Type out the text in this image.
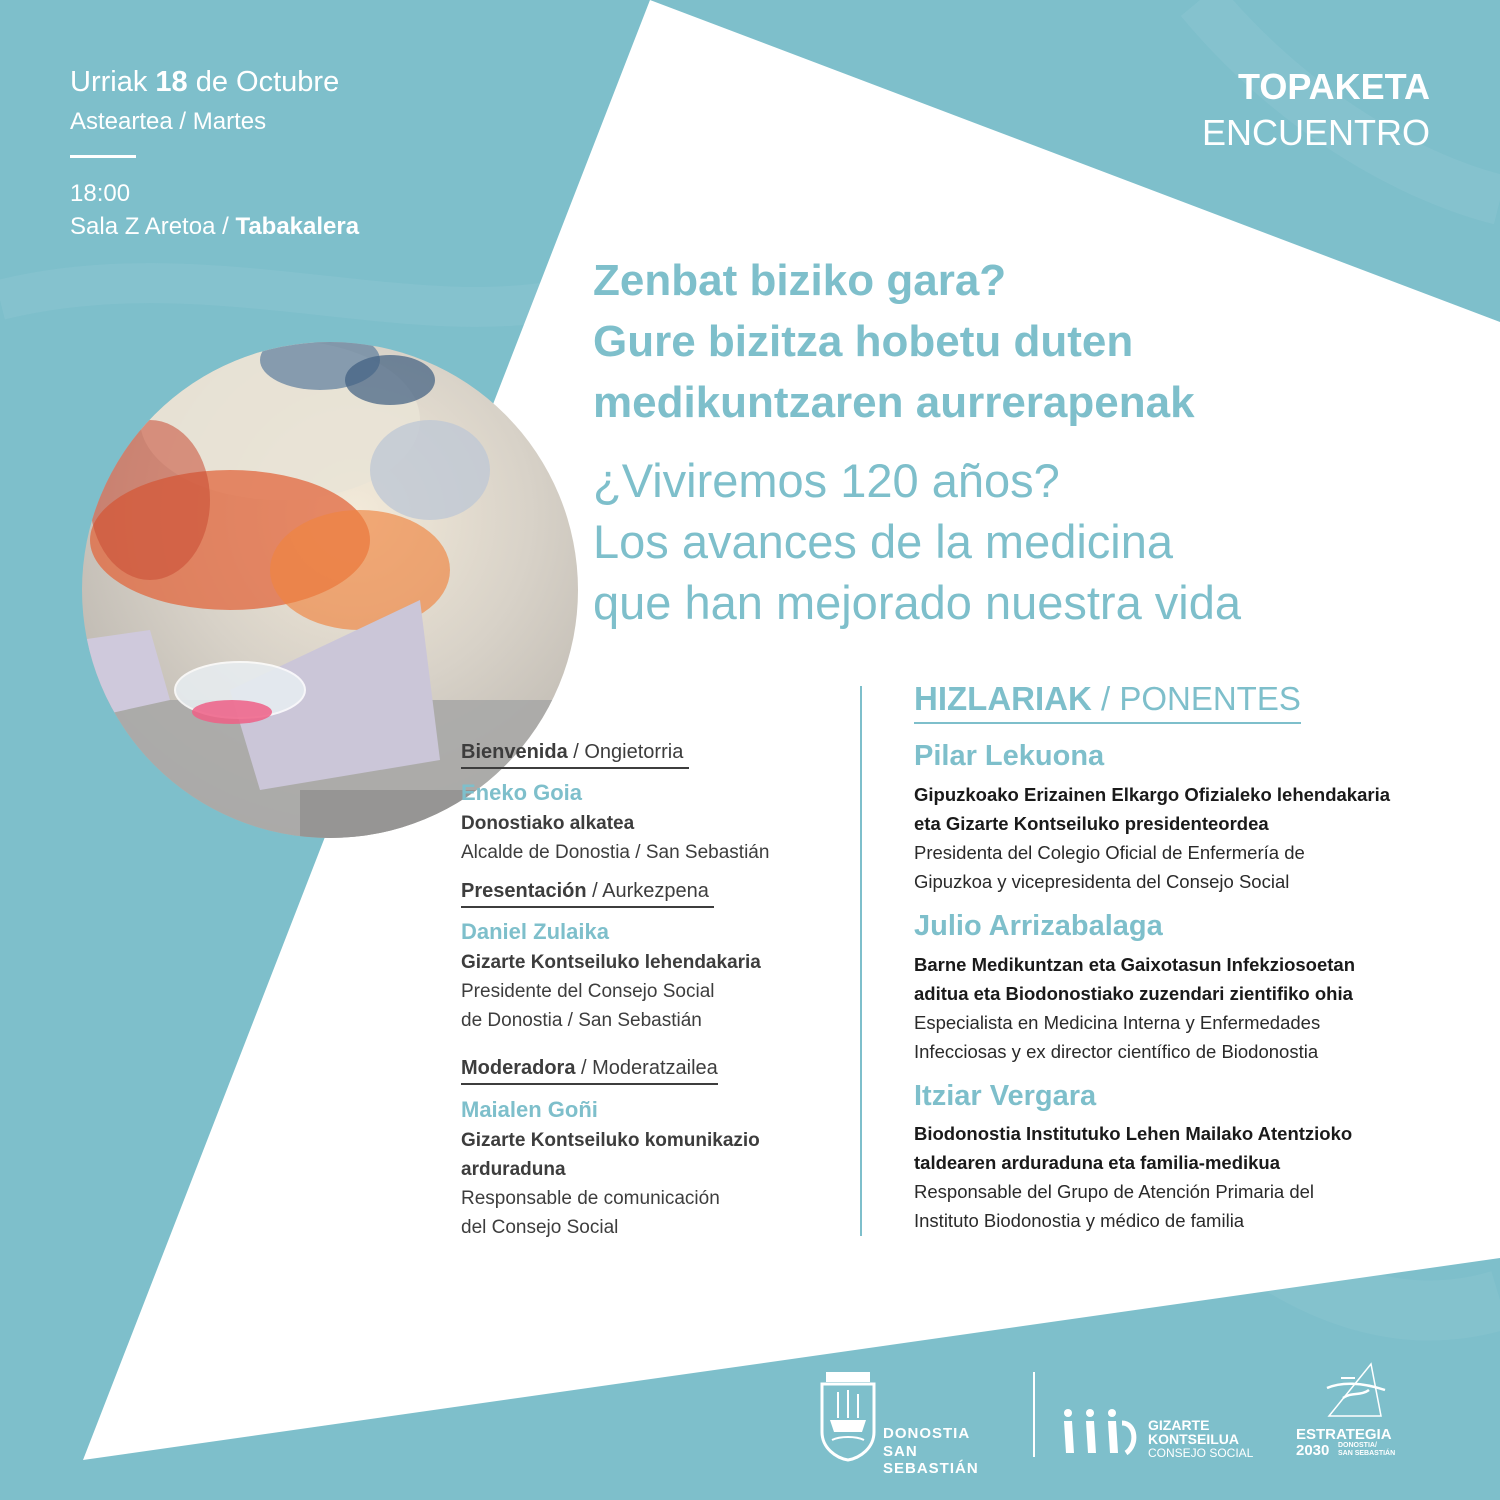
Urriak 18 de Octubre
Asteartea / Martes
18:00
Sala Z Aretoa / Tabakalera
TOPAKETA
ENCUENTRO
Zenbat biziko gara?
Gure bizitza hobetu duten
medikuntzaren aurrerapenak
¿Viviremos 120 años?
Los avances de la medicina
que han mejorado nuestra vida
Bienvenida / Ongietorria
Eneko Goia
Donostiako alkatea
Alcalde de Donostia / San Sebastián
Presentación / Aurkezpena
Daniel Zulaika
Gizarte Kontseiluko lehendakaria
Presidente del Consejo Social
de Donostia / San Sebastián
Moderadora / Moderatzailea
Maialen Goñi
Gizarte Kontseiluko komunikazio
arduraduna
Responsable de comunicación
del Consejo Social
HIZLARIAK / PONENTES
Pilar Lekuona
Gipuzkoako Erizainen Elkargo Ofizialeko lehendakaria
eta Gizarte Kontseiluko presidenteordea
Presidenta del Colegio Oficial de Enfermería de
Gipuzkoa y vicepresidenta del Consejo Social
Julio Arrizabalaga
Barne Medikuntzan eta Gaixotasun Infekziosoetan
aditua eta Biodonostiako zuzendari zientifiko ohia
Especialista en Medicina Interna y Enfermedades
Infecciosas y ex director científico de Biodonostia
Itziar Vergara
Biodonostia Institutuko Lehen Mailako Atentzioko
taldearen arduraduna eta familia-medikua
Responsable del Grupo de Atención Primaria del
Instituto Biodonostia y médico de familia
DONOSTIA
SAN SEBASTIÁN
GIZARTE
KONTSEILUA
CONSEJO SOCIAL
ESTRATEGIA
2030 DONOSTIA/
SAN SEBASTIÁN
